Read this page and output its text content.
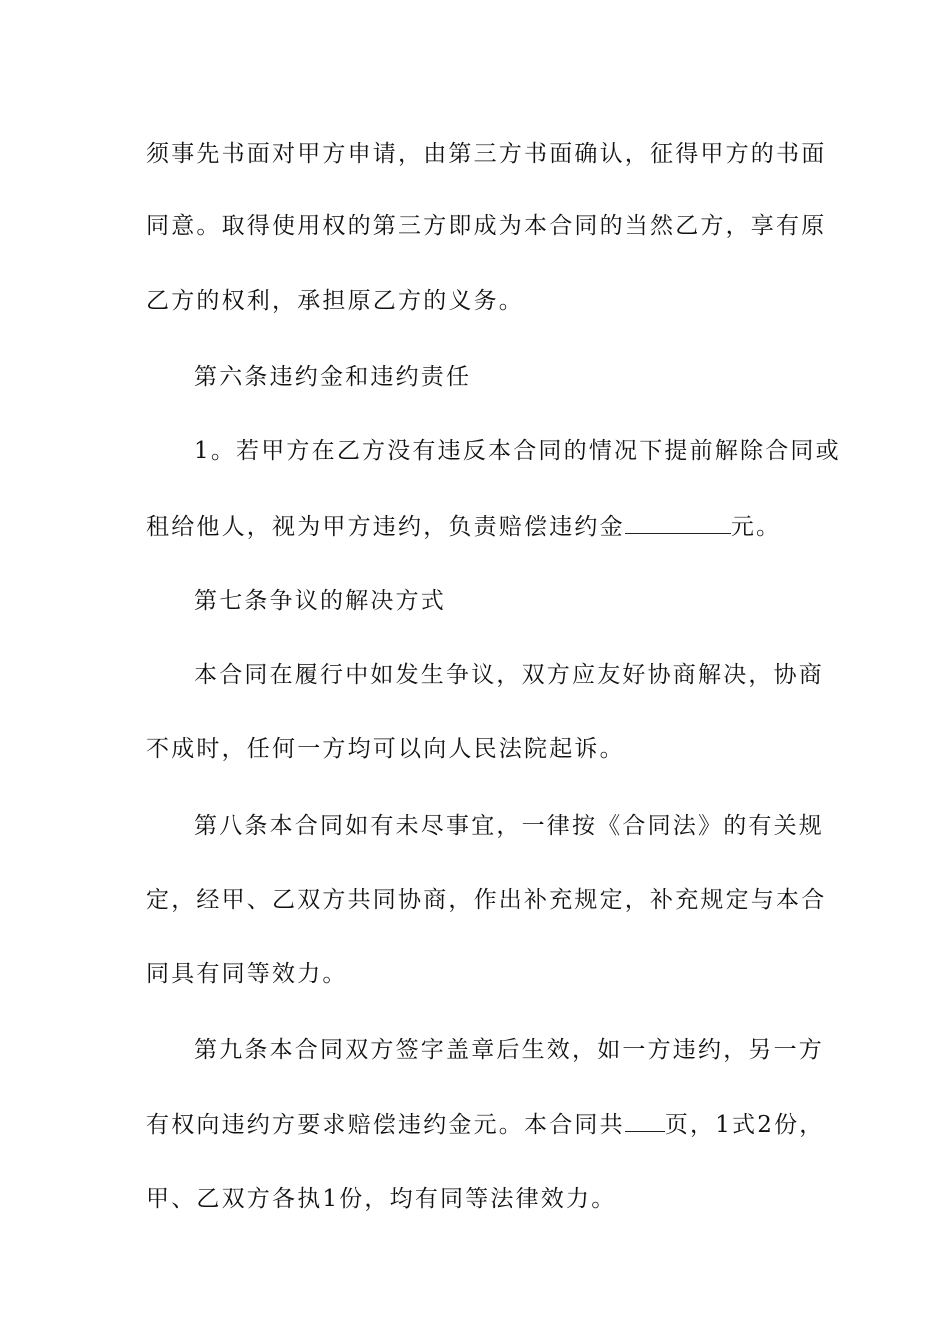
须事先书面对甲方申请，由第三方书面确认，征得甲方的书面
同意。取得使用权的第三方即成为本合同的当然乙方，享有原
乙方的权利，承担原乙方的义务。
第六条违约金和违约责任
1。若甲方在乙方没有违反本合同的情况下提前解除合同或
租给他人，视为甲方违约，负责赔偿违约金	元。
第七条争议的解决方式
本合同在履行中如发生争议，双方应友好协商解决，协商
不成时，任何一方均可以向人民法院起诉。
第八条本合同如有未尽事宜，一律按《合同法》的有关规
定，经甲、乙双方共同协商，作出补充规定，补充规定与本合
同具有同等效力。
第九条本合同双方签字盖章后生效，如一方违约，另一方
有权向违约方要求赔偿违约金元。本合同共 页，1式2份，
甲、乙双方各执1份，均有同等法律效力。
